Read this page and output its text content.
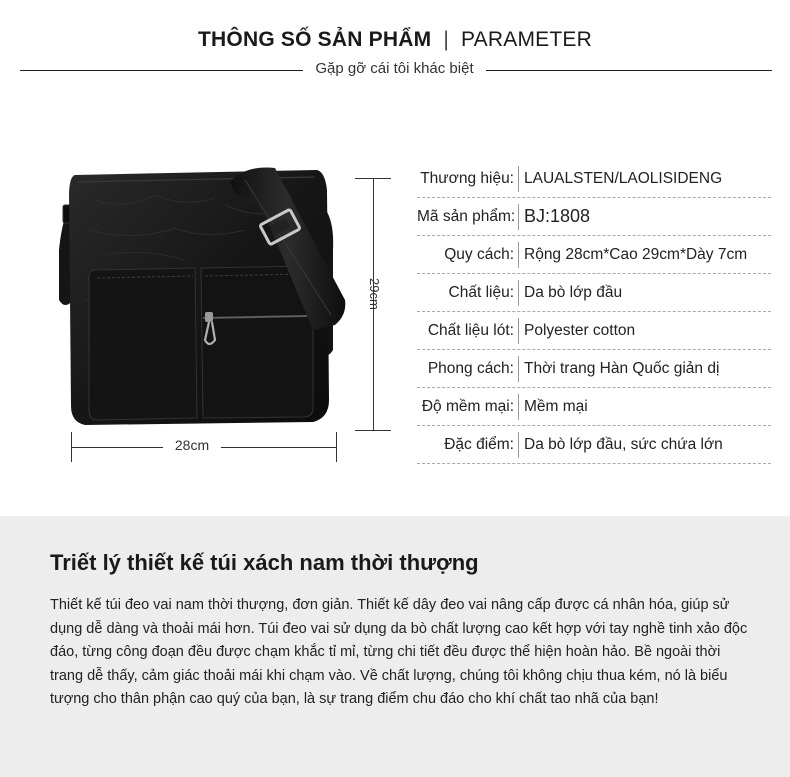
THÔNG SỐ SẢN PHẨM | PARAMETER
Gặp gỡ cái tôi khác biệt
29cm
28cm
Thương hiệu: LAUALSTEN/LAOLISIDENG
Mã sản phẩm: BJ:1808
Quy cách: Rộng 28cm*Cao 29cm*Dày 7cm
Chất liệu: Da bò lớp đầu
Chất liệu lót: Polyester cotton
Phong cách: Thời trang Hàn Quốc giản dị
Độ mềm mại: Mềm mại
Đặc điểm: Da bò lớp đầu, sức chứa lớn
Triết lý thiết kế túi xách nam thời thượng

Thiết kế túi đeo vai nam thời thượng, đơn giản. Thiết kế dây đeo vai nâng cấp được cá nhân hóa, giúp sử dụng dễ dàng và thoải mái hơn. Túi đeo vai sử dụng da bò chất lượng cao kết hợp với tay nghề tinh xảo độc đáo, từng công đoạn đều được chạm khắc tỉ mỉ, từng chi tiết đều được thể hiện hoàn hảo. Bề ngoài thời trang dễ thấy, cảm giác thoải mái khi chạm vào. Về chất lượng, chúng tôi không chịu thua kém, nó là biểu tượng cho thân phận cao quý của bạn, là sự trang điểm chu đáo cho khí chất tao nhã của bạn!
